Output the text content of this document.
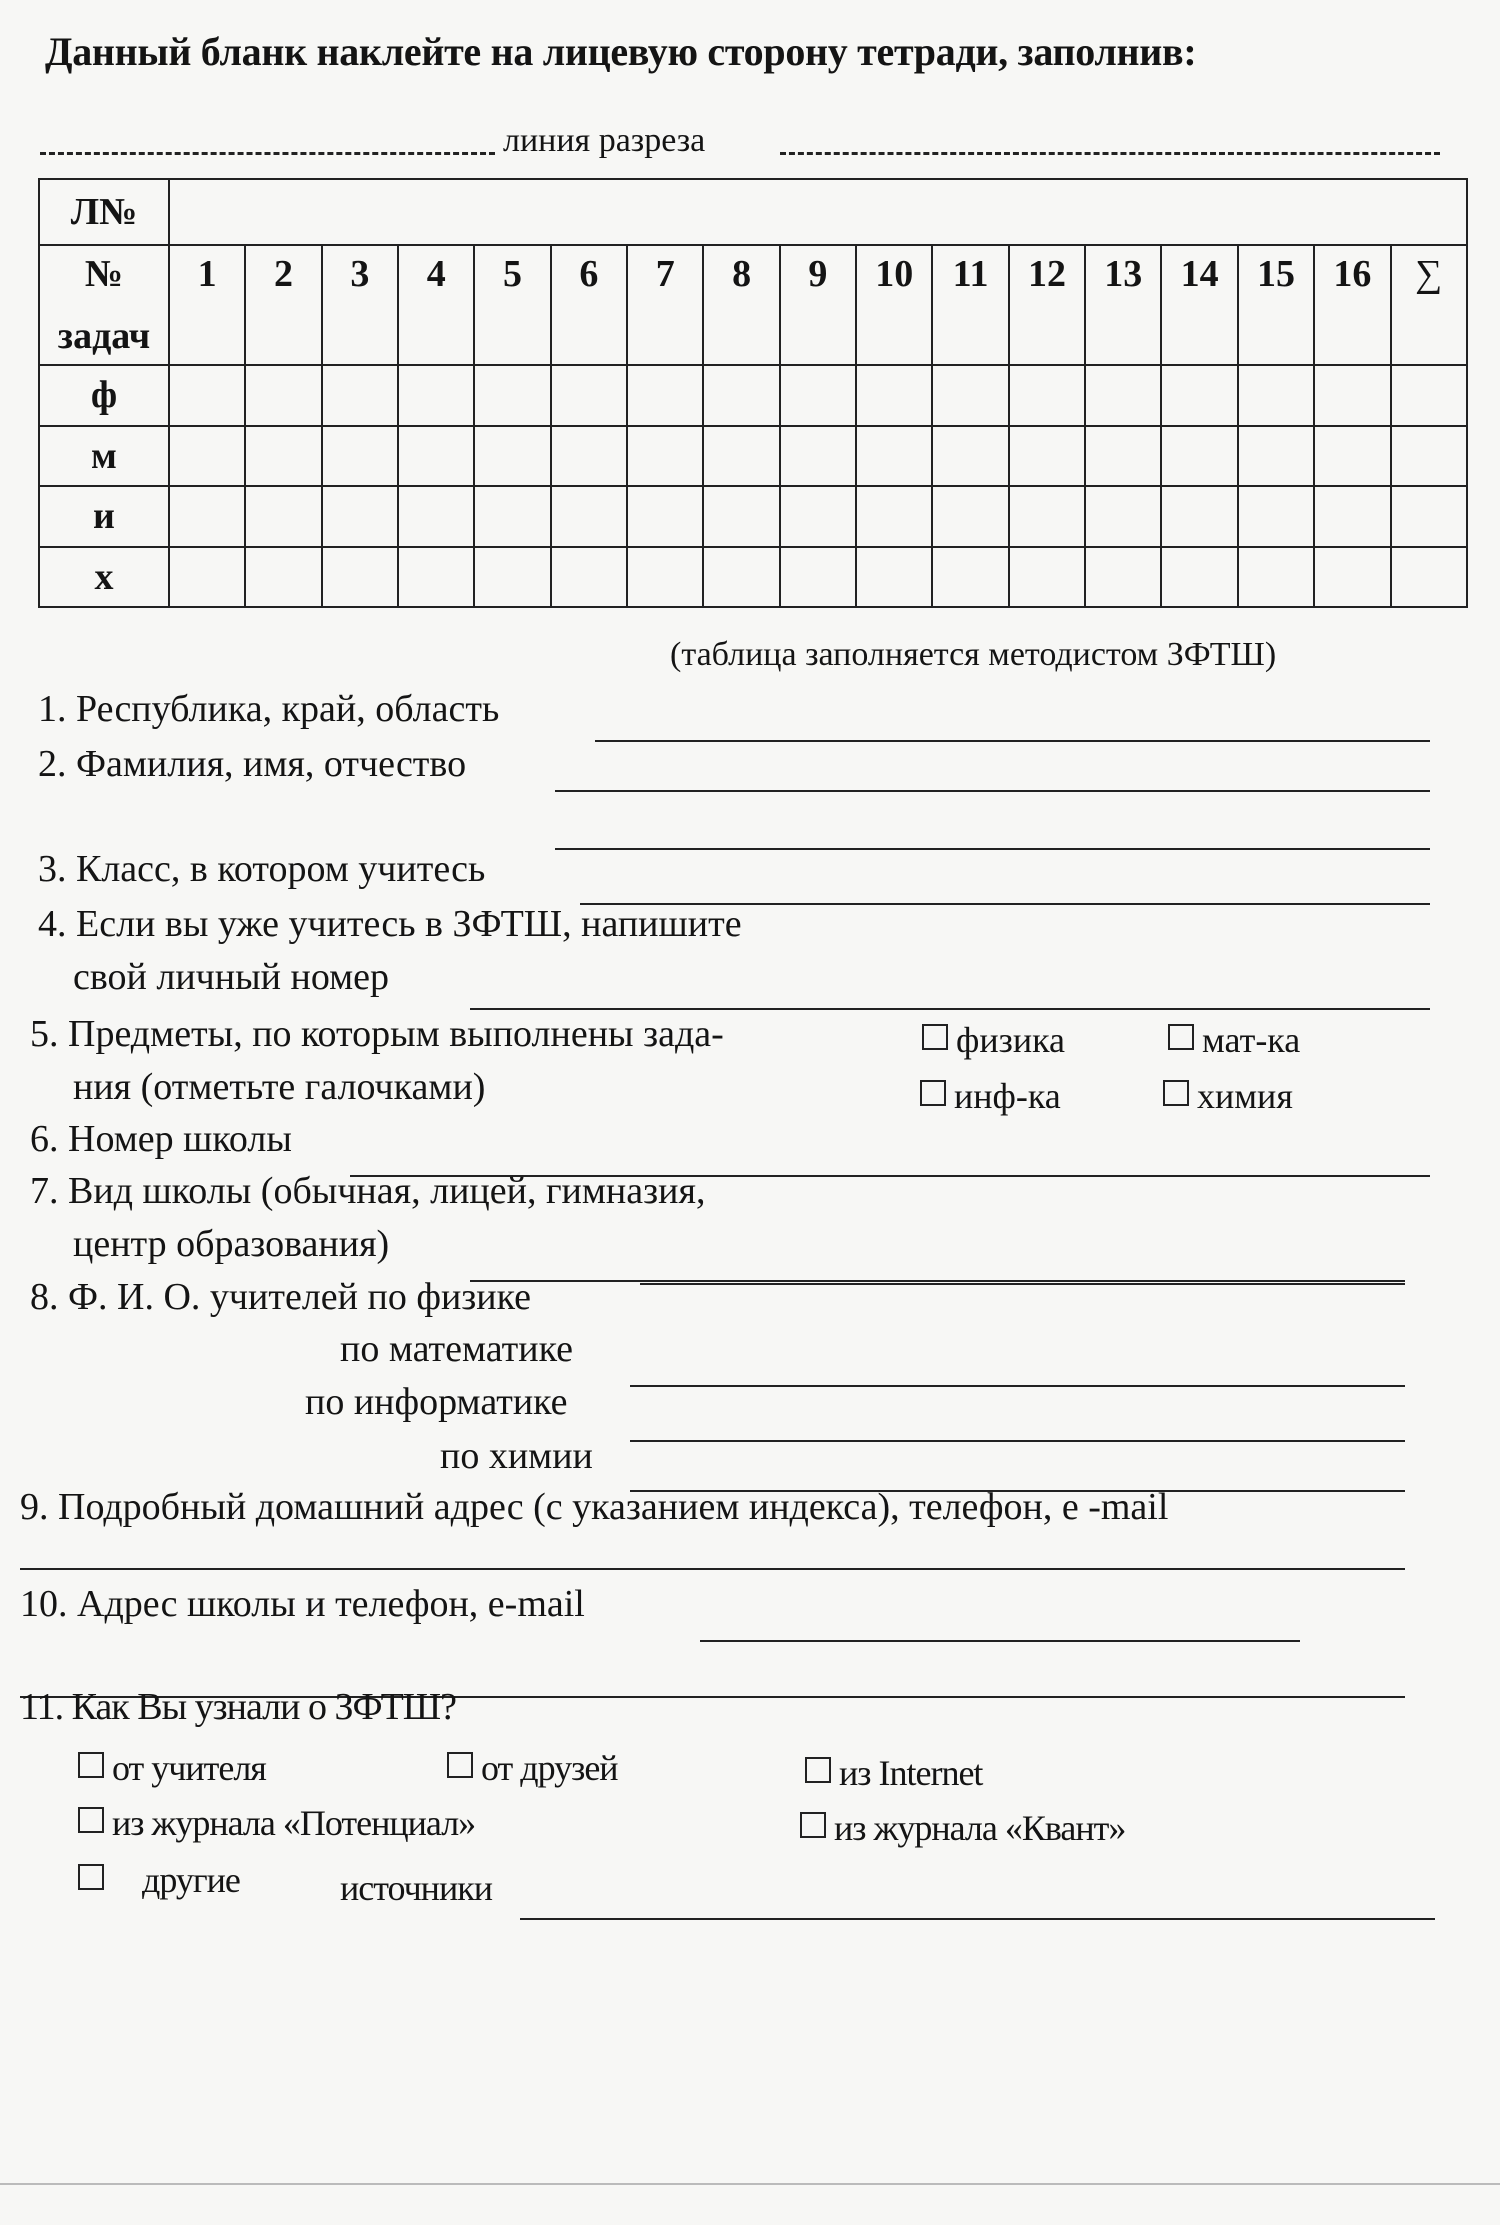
Данный бланк наклейте на лицевую сторону тетради, заполнив:
линия разреза
Л№																	

№
задач	1	2	3	4	5	6	7	8	9	10	11	12	13	14	15	16	∑
ф																	
м																	
и																	
х																	
(таблица заполняется методистом ЗФТШ)
1. Республика, край, область
2. Фамилия, имя, отчество
3. Класс, в котором учитесь
4. Если вы уже учитесь в ЗФТШ, напишите
свой личный номер
5. Предметы, по которым выполнены зада-
ния (отметьте галочками)
физика	мат-ка
инф-ка	химия
6. Номер школы
7. Вид школы (обычная, лицей, гимназия,
центр образования)
8. Ф. И. О. учителей по физике
по математике
по информатике
по химии
9. Подробный домашний адрес (с указанием индекса), телефон, е -mail
10. Адрес школы и телефон, e-mail
11. Как Вы узнали о ЗФТШ?
от учителя	от друзей	из Internet
из журнала «Потенциал»	из журнала «Квант»
другие	источники
